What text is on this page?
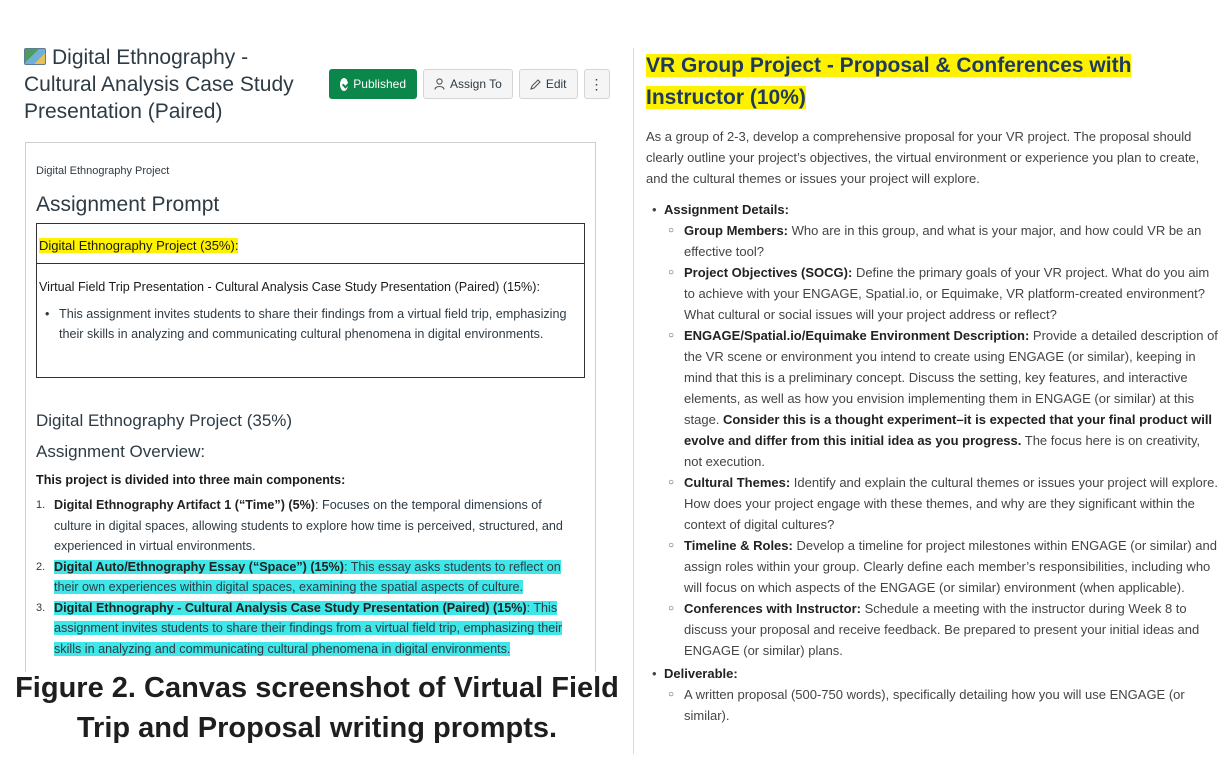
Digital Ethnography - Cultural Analysis Case Study Presentation (Paired)
Published	Assign To	Edit ⋮
Digital Ethnography Project
Assignment Prompt
Digital Ethnography Project (35%):
Virtual Field Trip Presentation - Cultural Analysis Case Study Presentation (Paired) (15%):
• This assignment invites students to share their findings from a virtual field trip, emphasizing their skills in analyzing and communicating cultural phenomena in digital environments.
Digital Ethnography Project (35%)
Assignment Overview:
This project is divided into three main components:
1. Digital Ethnography Artifact 1 (“Time”) (5%): Focuses on the temporal dimensions of culture in digital spaces, allowing students to explore how time is perceived, structured, and experienced in virtual environments.
2. Digital Auto/Ethnography Essay (“Space”) (15%): This essay asks students to reflect on their own experiences within digital spaces, examining the spatial aspects of culture.
3. Digital Ethnography - Cultural Analysis Case Study Presentation (Paired) (15%): This assignment invites students to share their findings from a virtual field trip, emphasizing their skills in analyzing and communicating cultural phenomena in digital environments.
Figure 2. Canvas screenshot of Virtual Field Trip and Proposal writing prompts.
VR Group Project - Proposal & Conferences with Instructor (10%)
As a group of 2-3, develop a comprehensive proposal for your VR project. The proposal should clearly outline your project’s objectives, the virtual environment or experience you plan to create, and the cultural themes or issues your project will explore.
• Assignment Details:
○ Group Members: Who are in this group, and what is your major, and how could VR be an effective tool?
○ Project Objectives (SOCG): Define the primary goals of your VR project. What do you aim to achieve with your ENGAGE, Spatial.io, or Equimake, VR platform-created environment? What cultural or social issues will your project address or reflect?
○ ENGAGE/Spatial.io/Equimake Environment Description: Provide a detailed description of the VR scene or environment you intend to create using ENGAGE (or similar), keeping in mind that this is a preliminary concept. Discuss the setting, key features, and interactive elements, as well as how you envision implementing them in ENGAGE (or similar) at this stage. Consider this is a thought experiment–it is expected that your final product will evolve and differ from this initial idea as you progress. The focus here is on creativity, not execution.
○ Cultural Themes: Identify and explain the cultural themes or issues your project will explore. How does your project engage with these themes, and why are they significant within the context of digital cultures?
○ Timeline & Roles: Develop a timeline for project milestones within ENGAGE (or similar) and assign roles within your group. Clearly define each member’s responsibilities, including who will focus on which aspects of the ENGAGE (or similar) environment (when applicable).
○ Conferences with Instructor: Schedule a meeting with the instructor during Week 8 to discuss your proposal and receive feedback. Be prepared to present your initial ideas and ENGAGE (or similar) plans.
• Deliverable:
○ A written proposal (500-750 words), specifically detailing how you will use ENGAGE (or similar).
